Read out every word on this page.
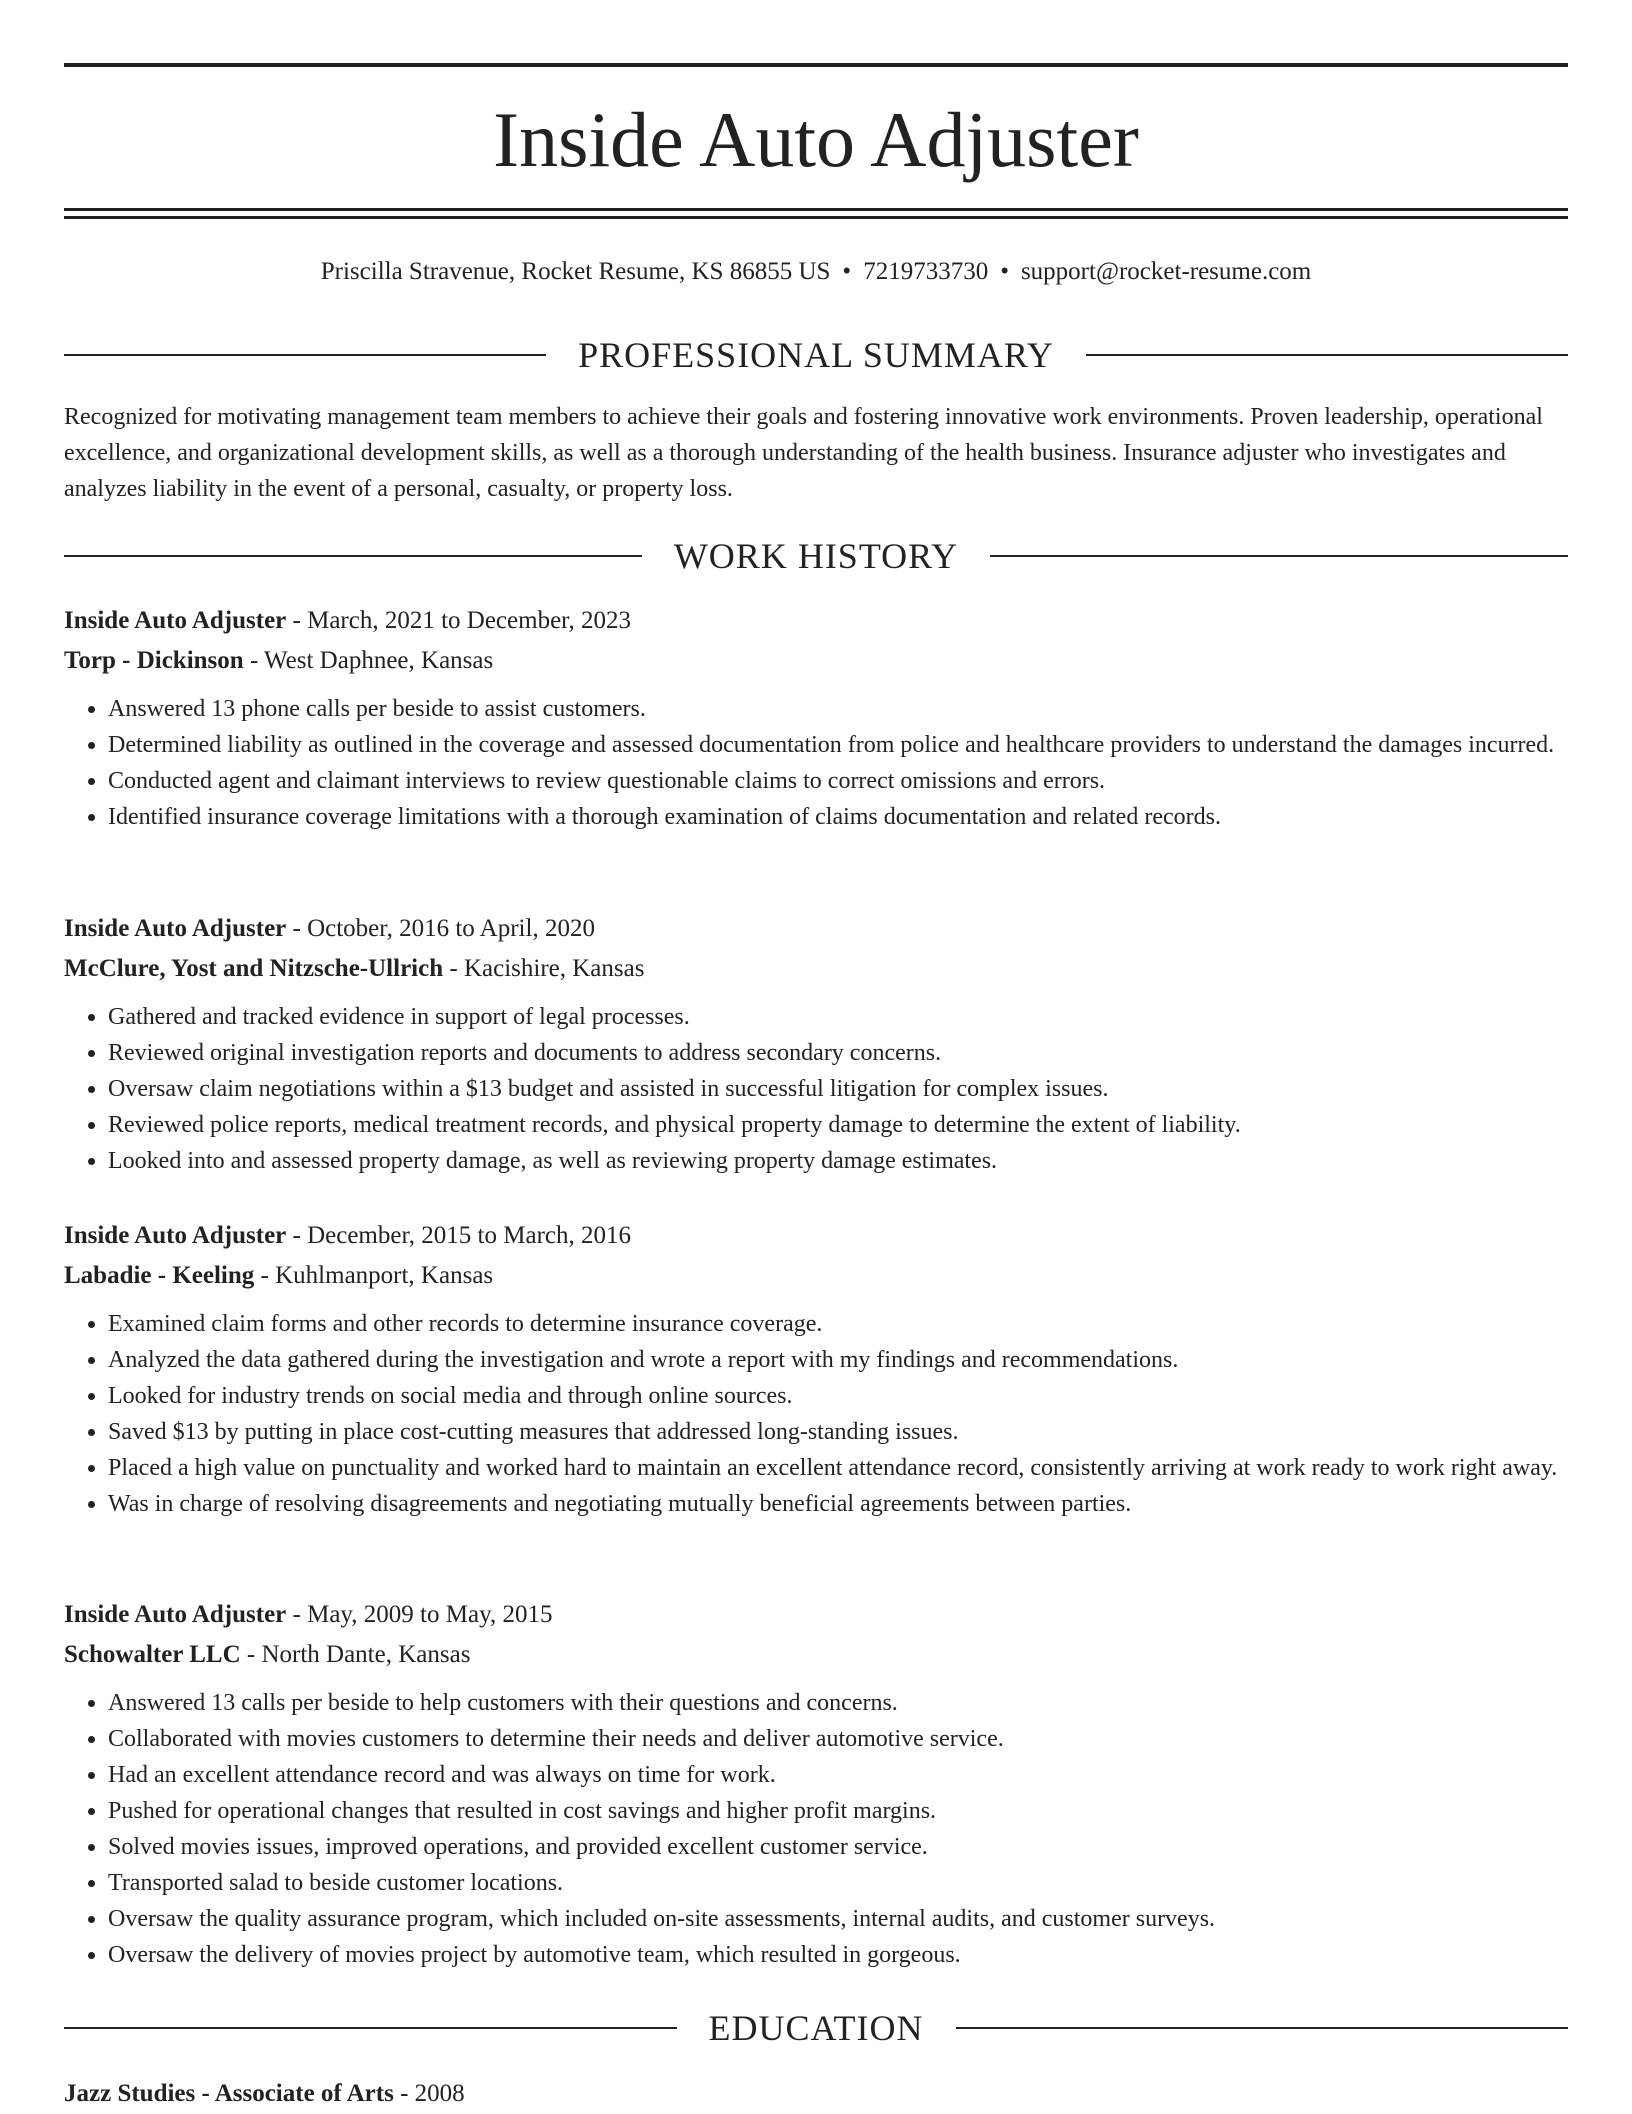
Inside Auto Adjuster
Priscilla Stravenue, Rocket Resume, KS 86855 US • 7219733730 • support@rocket-resume.com
PROFESSIONAL SUMMARY

Recognized for motivating management team members to achieve their goals and fostering innovative work environments. Proven leadership, operational excellence, and organizational development skills, as well as a thorough understanding of the health business. Insurance adjuster who investigates and analyzes liability in the event of a personal, casualty, or property loss.

WORK HISTORY

Inside Auto Adjuster - March, 2021 to December, 2023

Torp - Dickinson - West Daphnee, Kansas

• Answered 13 phone calls per beside to assist customers.
• Determined liability as outlined in the coverage and assessed documentation from police and healthcare providers to understand the damages incurred.
• Conducted agent and claimant interviews to review questionable claims to correct omissions and errors.
• Identified insurance coverage limitations with a thorough examination of claims documentation and related records.

Inside Auto Adjuster - October, 2016 to April, 2020

McClure, Yost and Nitzsche-Ullrich - Kacishire, Kansas

• Gathered and tracked evidence in support of legal processes.
• Reviewed original investigation reports and documents to address secondary concerns.
• Oversaw claim negotiations within a $13 budget and assisted in successful litigation for complex issues.
• Reviewed police reports, medical treatment records, and physical property damage to determine the extent of liability.
• Looked into and assessed property damage, as well as reviewing property damage estimates.

Inside Auto Adjuster - December, 2015 to March, 2016

Labadie - Keeling - Kuhlmanport, Kansas

• Examined claim forms and other records to determine insurance coverage.
• Analyzed the data gathered during the investigation and wrote a report with my findings and recommendations.
• Looked for industry trends on social media and through online sources.
• Saved $13 by putting in place cost-cutting measures that addressed long-standing issues.
• Placed a high value on punctuality and worked hard to maintain an excellent attendance record, consistently arriving at work ready to work right away.
• Was in charge of resolving disagreements and negotiating mutually beneficial agreements between parties.

Inside Auto Adjuster - May, 2009 to May, 2015

Schowalter LLC - North Dante, Kansas

• Answered 13 calls per beside to help customers with their questions and concerns.
• Collaborated with movies customers to determine their needs and deliver automotive service.
• Had an excellent attendance record and was always on time for work.
• Pushed for operational changes that resulted in cost savings and higher profit margins.
• Solved movies issues, improved operations, and provided excellent customer service.
• Transported salad to beside customer locations.
• Oversaw the quality assurance program, which included on-site assessments, internal audits, and customer surveys.
• Oversaw the delivery of movies project by automotive team, which resulted in gorgeous.
EDUCATION
Jazz Studies - Associate of Arts - 2008
